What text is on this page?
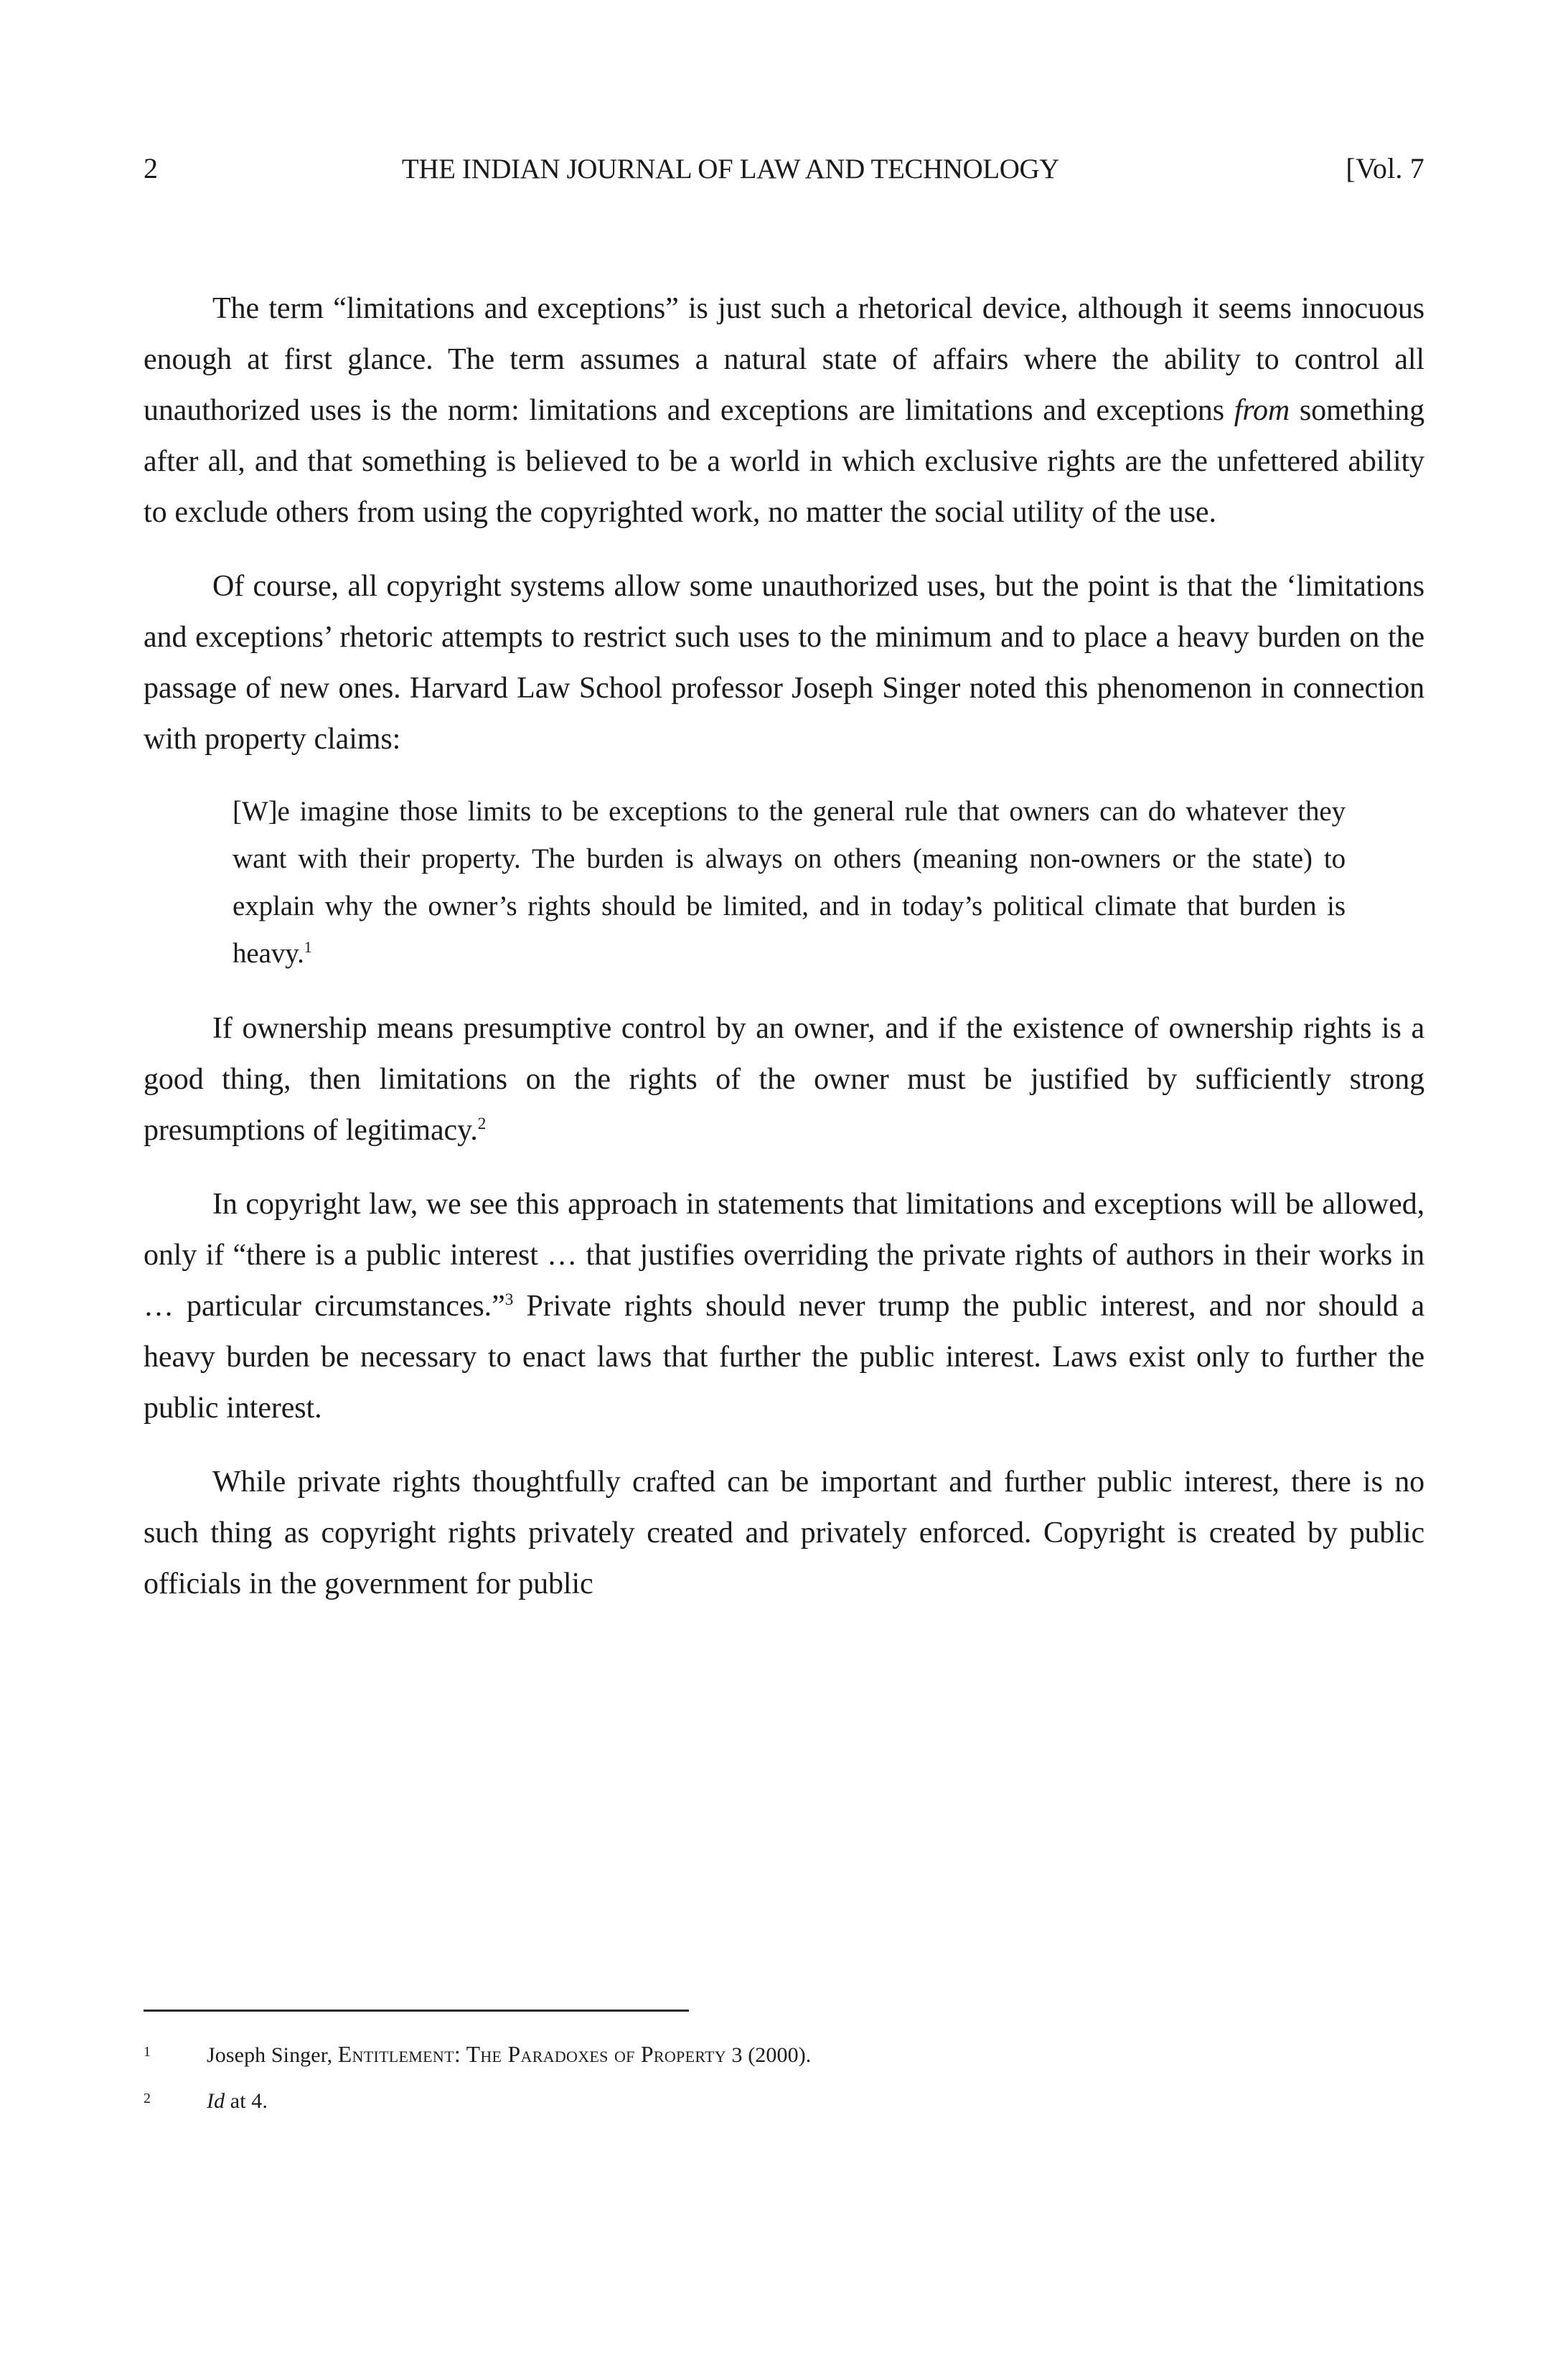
2	THE INDIAN JOURNAL OF LAW AND TECHNOLOGY	[Vol. 7

The term “limitations and exceptions” is just such a rhetorical device, although it seems innocuous enough at first glance. The term assumes a natural state of affairs where the ability to control all unauthorized uses is the norm: limitations and exceptions are limitations and exceptions from something after all, and that something is believed to be a world in which exclusive rights are the unfettered ability to exclude others from using the copyrighted work, no matter the social utility of the use.

Of course, all copyright systems allow some unauthorized uses, but the point is that the ‘limitations and exceptions’ rhetoric attempts to restrict such uses to the minimum and to place a heavy burden on the passage of new ones. Harvard Law School professor Joseph Singer noted this phenomenon in connection with property claims:

[W]e imagine those limits to be exceptions to the general rule that owners can do whatever they want with their property. The burden is always on others (meaning non-owners or the state) to explain why the owner’s rights should be limited, and in today’s political climate that burden is heavy.$^1$

If ownership means presumptive control by an owner, and if the existence of ownership rights is a good thing, then limitations on the rights of the owner must be justified by sufficiently strong presumptions of legitimacy.$^2$

In copyright law, we see this approach in statements that limitations and exceptions will be allowed, only if “there is a public interest … that justifies overriding the private rights of authors in their works in … particular circumstances.”$^3$ Private rights should never trump the public interest, and nor should a heavy burden be necessary to enact laws that further the public interest. Laws exist only to further the public interest.

While private rights thoughtfully crafted can be important and further public interest, there is no such thing as copyright rights privately created and privately enforced. Copyright is created by public officials in the government for public

1	Joseph Singer, Entitlement: The Paradoxes of Property 3 (2000).
2	Id at 4.
